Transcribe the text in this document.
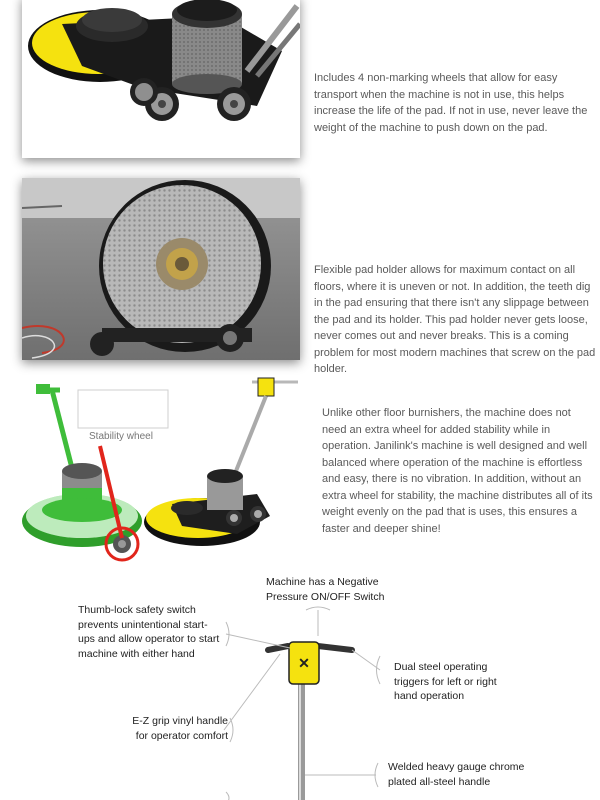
Includes 4 non-marking wheels that allow for easy transport when the machine is not in use, this helps increase the life of the pad. If not in use, never leave the weight of the machine to push down on the pad.
Flexible pad holder allows for maximum contact on all floors, where it is uneven or not. In addition, the teeth dig in the pad ensuring that there isn't any slippage between the pad and its holder. This pad holder never gets loose, never comes out and never breaks. This is a coming problem for most modern machines that screw on the pad holder.
Stability wheel
Unlike other floor burnishers, the machine does not need an extra wheel for added stability while in operation. Janilink's machine is well designed and well balanced where operation of the machine is effortless and easy, there is no vibration. In addition, without an extra wheel for stability, the machine distributes all of its weight evenly on the pad that is uses, this ensures a faster and deeper shine!
✕
Machine has a Negative Pressure ON/OFF Switch
Thumb-lock safety switch prevents unintentional start-ups and allow operator to start machine with either hand
Dual steel operating triggers for left or right hand operation
E-Z grip vinyl handle for operator comfort
Welded heavy gauge chrome plated all-steel handle
